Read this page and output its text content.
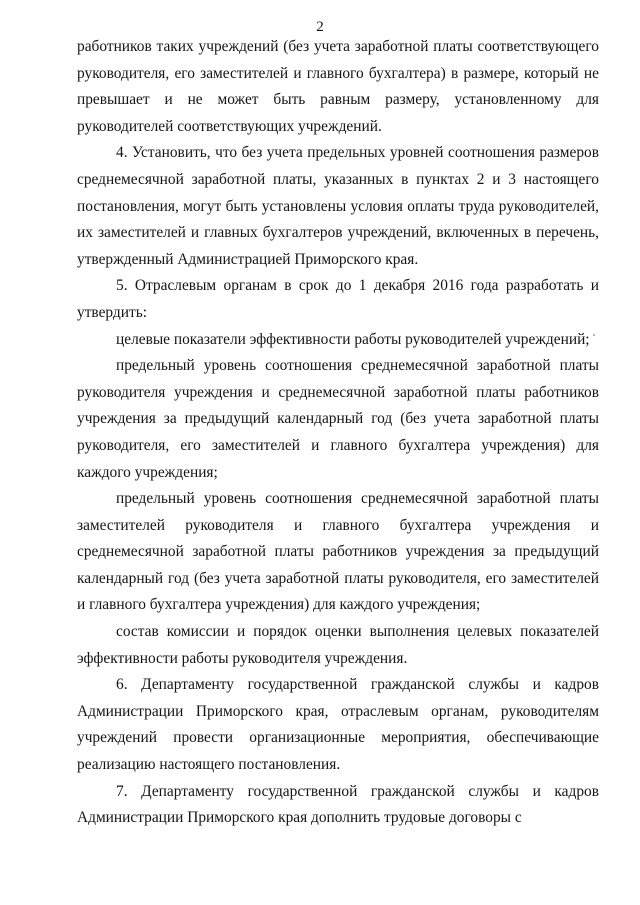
2

работников таких учреждений (без учета заработной платы соответствующего руководителя, его заместителей и главного бухгалтера) в размере, который не превышает и не может быть равным размеру, установленному для руководителей соответствующих учреждений.

4. Установить, что без учета предельных уровней соотношения размеров среднемесячной заработной платы, указанных в пунктах 2 и 3 настоящего постановления, могут быть установлены условия оплаты труда руководителей, их заместителей и главных бухгалтеров учреждений, включенных в перечень, утвержденный Администрацией Приморского края.

5. Отраслевым органам в срок до 1 декабря 2016 года разработать и утвердить:

целевые показатели эффективности работы руководителей учреждений;

предельный уровень соотношения среднемесячной заработной платы руководителя учреждения и среднемесячной заработной платы работников учреждения за предыдущий календарный год (без учета заработной платы руководителя, его заместителей и главного бухгалтера учреждения) для каждого учреждения;

предельный уровень соотношения среднемесячной заработной платы заместителей руководителя и главного бухгалтера учреждения и среднемесячной заработной платы работников учреждения за предыдущий календарный год (без учета заработной платы руководителя, его заместителей и главного бухгалтера учреждения) для каждого учреждения;

состав комиссии и порядок оценки выполнения целевых показателей эффективности работы руководителя учреждения.

6. Департаменту государственной гражданской службы и кадров Администрации Приморского края, отраслевым органам, руководителям учреждений провести организационные мероприятия, обеспечивающие реализацию настоящего постановления.

7. Департаменту государственной гражданской службы и кадров Администрации Приморского края дополнить трудовые договоры с
